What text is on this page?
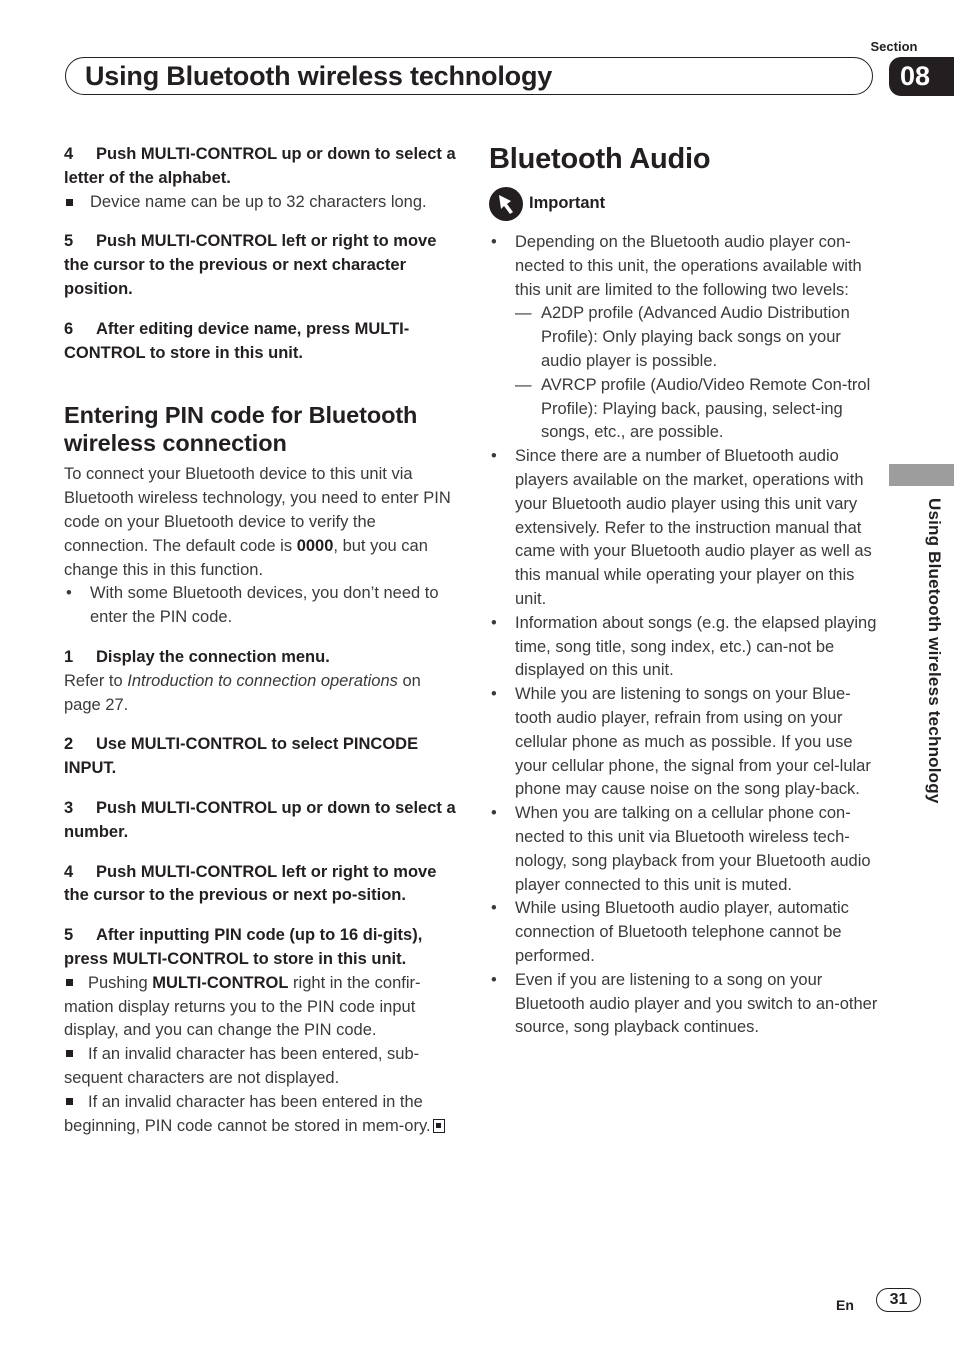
Section
Using Bluetooth wireless technology	08
Using Bluetooth wireless technology
4 Push MULTI-CONTROL up or down to select a letter of the alphabet.
Device name can be up to 32 characters long.
5 Push MULTI-CONTROL left or right to move the cursor to the previous or next character position.
6 After editing device name, press MULTI-CONTROL to store in this unit.
Entering PIN code for Bluetooth wireless connection

To connect your Bluetooth device to this unit via Bluetooth wireless technology, you need to enter PIN code on your Bluetooth device to verify the connection. The default code is 0000, but you can change this in this function.

• With some Bluetooth devices, you don’t need to enter the PIN code.
1 Display the connection menu.

Refer to Introduction to connection operations on page 27.

2 Use MULTI-CONTROL to select PINCODE INPUT.
3 Push MULTI-CONTROL up or down to select a number.
4 Push MULTI-CONTROL left or right to move the cursor to the previous or next po-sition.
5 After inputting PIN code (up to 16 di-gits), press MULTI-CONTROL to store in this unit.
Pushing MULTI-CONTROL right in the confir-mation display returns you to the PIN code input display, and you can change the PIN code.
If an invalid character has been entered, sub-sequent characters are not displayed.
If an invalid character has been entered in the beginning, PIN code cannot be stored in mem-ory.
Bluetooth Audio
Important
• Depending on the Bluetooth audio player con-nected to this unit, the operations available with this unit are limited to the following two levels:
— A2DP profile (Advanced Audio Distribution Profile): Only playing back songs on your audio player is possible.
— AVRCP profile (Audio/Video Remote Con-trol Profile): Playing back, pausing, select-ing songs, etc., are possible.
• Since there are a number of Bluetooth audio players available on the market, operations with your Bluetooth audio player using this unit vary extensively. Refer to the instruction manual that came with your Bluetooth audio player as well as this manual while operating your player on this unit.
• Information about songs (e.g. the elapsed playing time, song title, song index, etc.) can-not be displayed on this unit.
• While you are listening to songs on your Blue-tooth audio player, refrain from using on your cellular phone as much as possible. If you use your cellular phone, the signal from your cel-lular phone may cause noise on the song play-back.
• When you are talking on a cellular phone con-nected to this unit via Bluetooth wireless tech-nology, song playback from your Bluetooth audio player connected to this unit is muted.
• While using Bluetooth audio player, automatic connection of Bluetooth telephone cannot be performed.
• Even if you are listening to a song on your Bluetooth audio player and you switch to an-other source, song playback continues.
En	31
